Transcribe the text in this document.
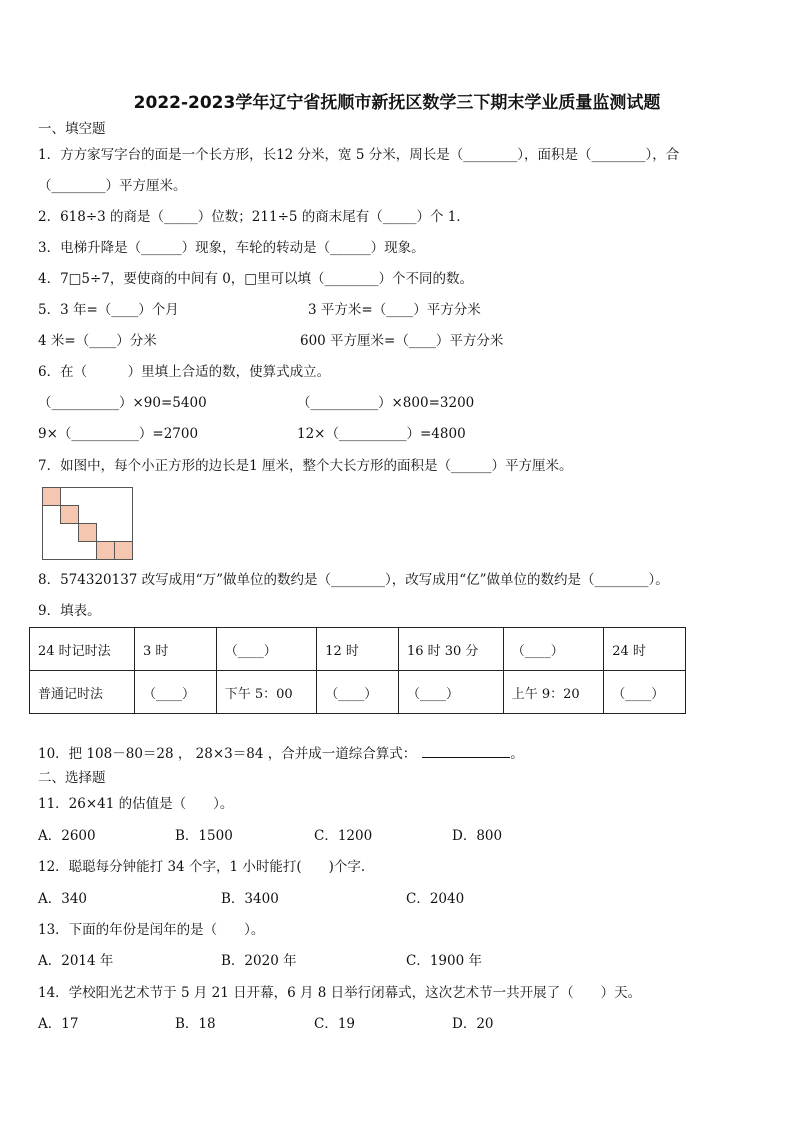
2022-2023学年辽宁省抚顺市新抚区数学三下期末学业质量监测试题
一、填空题
1．方方家写字台的面是一个长方形，长12 分米，宽 5 分米，周长是（________），面积是（________），合
（________）平方厘米。
2．618÷3 的商是（_____）位数；211÷5 的商末尾有（_____）个 1．
3．电梯升降是（______）现象，车轮的转动是（______）现象。
4．7□5÷7，要使商的中间有 0，□里可以填（________）个不同的数。
5．3 年=（____）个月	3 平方米=（____）平方分米
4 米=（____）分米	600 平方厘米=（____）平方分米
6．在（　　　）里填上合适的数，使算式成立。
（__________）×90=5400	（__________）×800=3200
9×（__________）=2700	12×（__________）=4800
7．如图中，每个小正方形的边长是1 厘米，整个大长方形的面积是（______）平方厘米。
8．574320137 改写成用“万”做单位的数约是（________），改写成用“亿”做单位的数约是（________）。
9．填表。
24 时记时法	3 时	（____）	12 时	16 时 30 分	（____）	24 时
普通记时法	（____）	下午 5：00	（____）	（____）	上午 9：20	（____）
10．把 108－80＝28 ， 28×3＝84 ，合并成一道综合算式：	。
二、选择题
11．26×41 的估值是（　　）。
A．2600	B．1500	C．1200	D．800
12．聪聪每分钟能打 34 个字，1 小时能打(　　)个字.
A．340	B．3400	C．2040
13．下面的年份是闰年的是（　　）。
A．2014 年	B．2020 年	C．1900 年
14．学校阳光艺术节于 5 月 21 日开幕，6 月 8 日举行闭幕式，这次艺术节一共开展了（　　）天。
A．17	B．18	C．19	D．20
